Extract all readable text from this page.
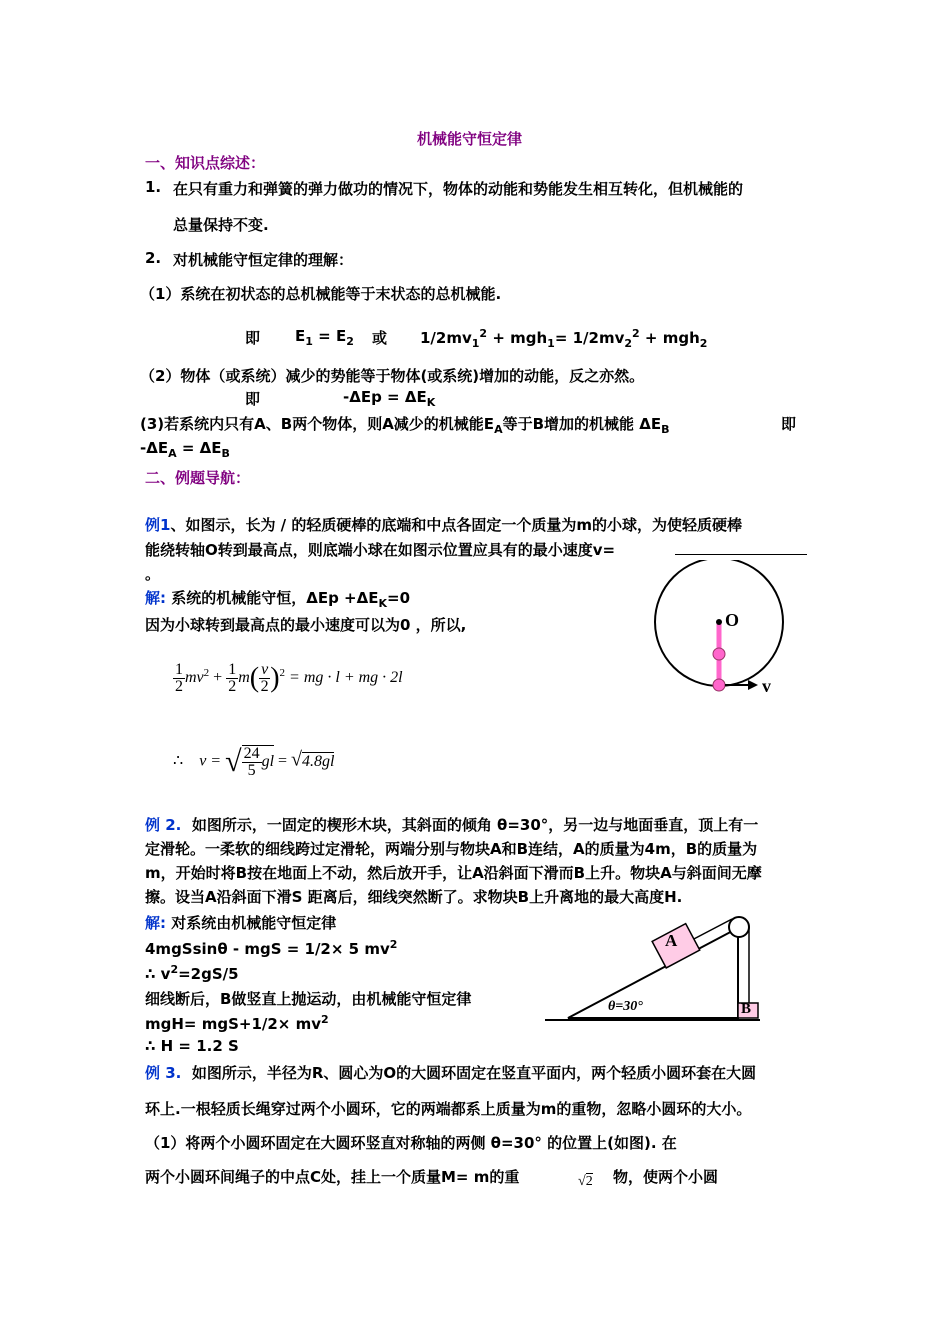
机械能守恒定律
一、知识点综述：
1. 在只有重力和弹簧的弹力做功的情况下，物体的动能和势能发生相互转化，但机械能的
总量保持不变.
2. 对机械能守恒定律的理解：
（1）系统在初状态的总机械能等于末状态的总机械能.
即 $E_1 = E_2$ 或 $1/2mv_1^2 + mgh_1= 1/2mv_2^2 + mgh_2$
（2）物体（或系统）减少的势能等于物体(或系统)增加的动能，反之亦然。
即	$-\Delta Ep = \Delta E_K$
(3)若系统内只有A、B两个物体，则A减少的机械能$E_A$等于B增加的机械能 $\Delta E_B$	即
$-\Delta E_A = \Delta E_B$
二、例题导航：
例1、如图示，长为 / 的轻质硬棒的底端和中点各固定一个质量为m的小球，为使轻质硬棒
能绕转轴O转到最高点，则底端小球在如图示位置应具有的最小速度v=
。
解: 系统的机械能守恒，$\Delta Ep +\Delta E_K=0$
因为小球转到最高点的最小速度可以为0 ，所以,
$\frac{1}{2} mv^2 + \frac{1}{2} m( \frac{v}{2} )^2$ = mg · l + mg · 2l
∴ v = √ $\frac{24}{5}$ gl = √4.8gl
O
v
例 2. 如图所示，一固定的楔形木块，其斜面的倾角 θ=30°，另一边与地面垂直，顶上有一
定滑轮。一柔软的细线跨过定滑轮，两端分别与物块A和B连结，A的质量为4m，B的质量为
m，开始时将B按在地面上不动，然后放开手，让A沿斜面下滑而B上升。物块A与斜面间无摩
擦。设当A沿斜面下滑S 距离后，细线突然断了。求物块B上升离地的最大高度H.
解: 对系统由机械能守恒定律
4mgSsinθ - mgS = 1/2× 5 $mv^2$
∴ $v^2=2gS/5$
细线断后，B做竖直上抛运动，由机械能守恒定律
$mgH= mgS+1/2\times mv^2$
∴ H = 1.2 S
A
B
θ=30°
例 3. 如图所示，半径为R、圆心为O的大圆环固定在竖直平面内，两个轻质小圆环套在大圆
环上.一根轻质长绳穿过两个小圆环，它的两端都系上质量为m的重物，忽略小圆环的大小。
（1）将两个小圆环固定在大圆环竖直对称轴的两侧 θ=30° 的位置上(如图). 在
两个小圆环间绳子的中点C处，挂上一个质量M= m的重	√2 物，使两个小圆
